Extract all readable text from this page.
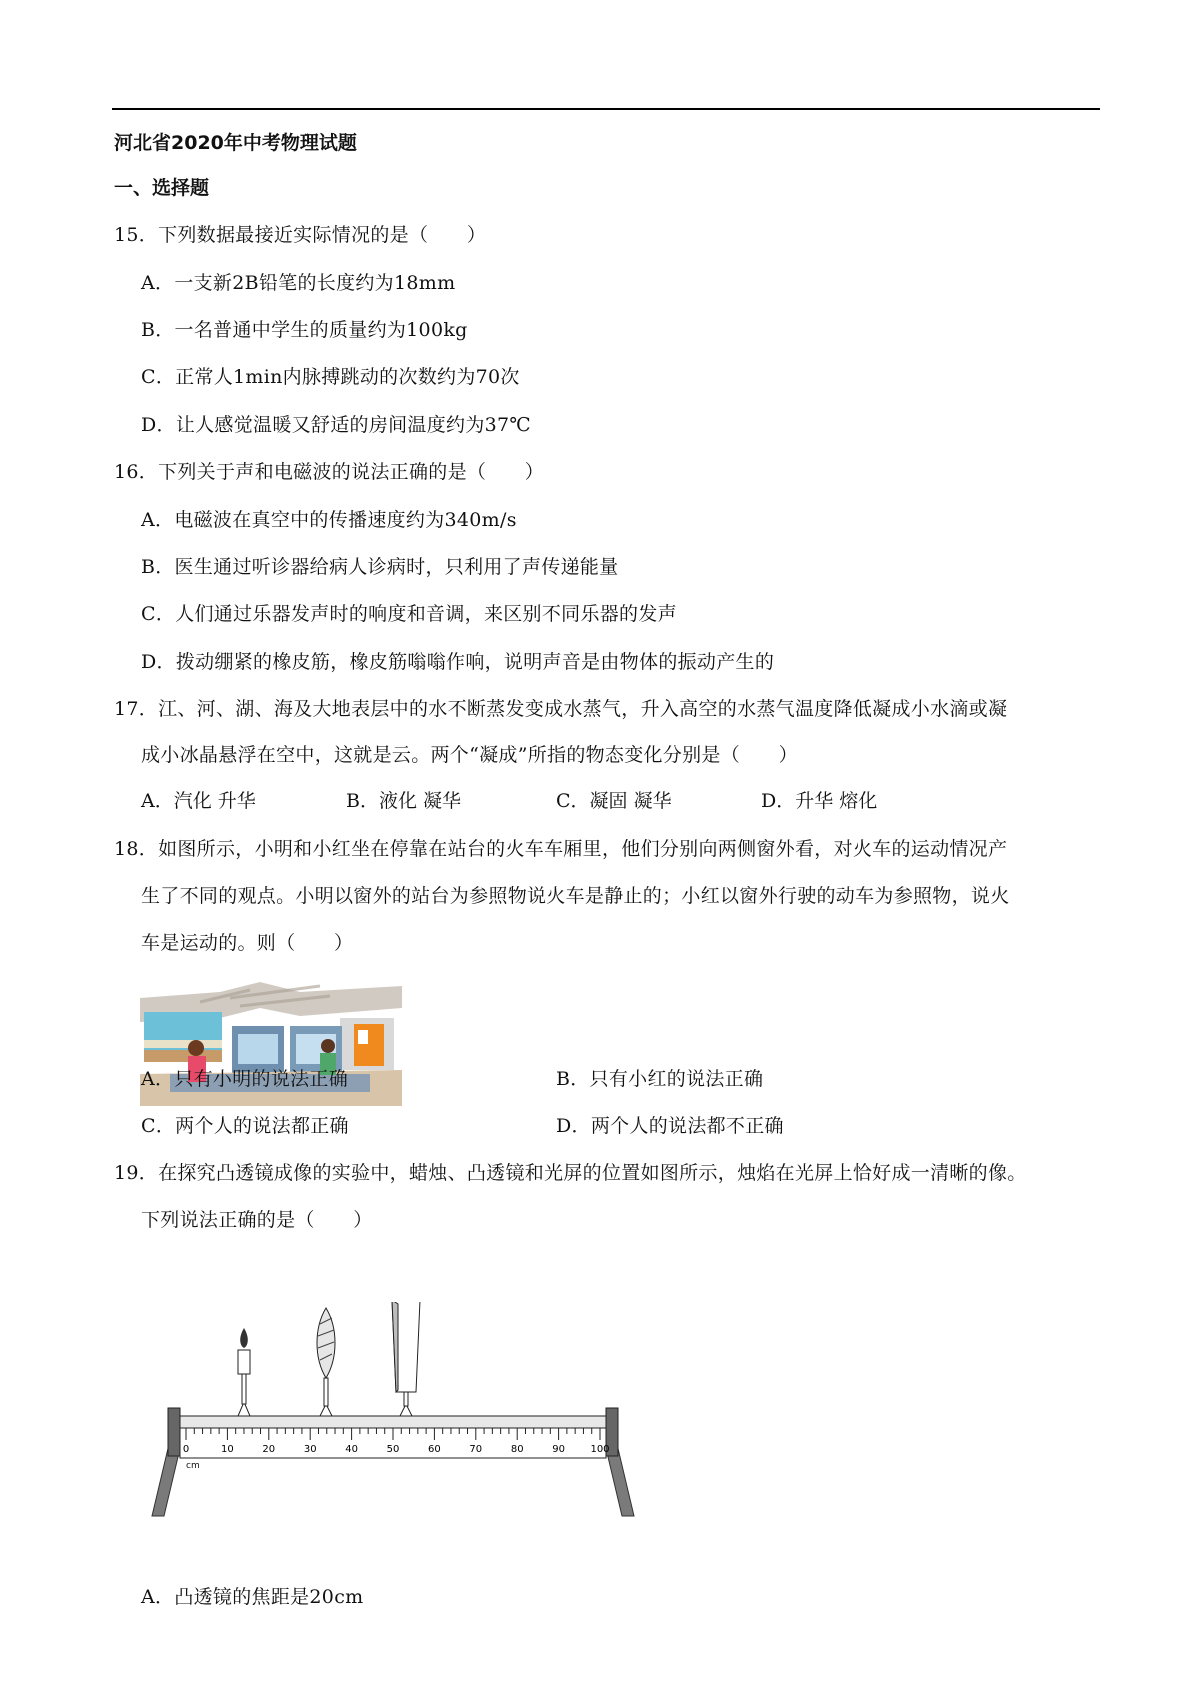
河北省2020年中考物理试题
一、选择题
15．下列数据最接近实际情况的是（　　）
A．一支新2B铅笔的长度约为18mm
B．一名普通中学生的质量约为100kg
C．正常人1min内脉搏跳动的次数约为70次
D．让人感觉温暖又舒适的房间温度约为37℃
16．下列关于声和电磁波的说法正确的是（　　）
A．电磁波在真空中的传播速度约为340m/s
B．医生通过听诊器给病人诊病时，只利用了声传递能量
C．人们通过乐器发声时的响度和音调，来区别不同乐器的发声
D．拨动绷紧的橡皮筋，橡皮筋嗡嗡作响，说明声音是由物体的振动产生的
17．江、河、湖、海及大地表层中的水不断蒸发变成水蒸气，升入高空的水蒸气温度降低凝成小水滴或凝
成小冰晶悬浮在空中，这就是云。两个“凝成”所指的物态变化分别是（　　）
A．汽化 升华	B．液化 凝华	C．凝固 凝华	D．升华 熔化
18．如图所示，小明和小红坐在停靠在站台的火车车厢里，他们分别向两侧窗外看，对火车的运动情况产
生了不同的观点。小明以窗外的站台为参照物说火车是静止的；小红以窗外行驶的动车为参照物，说火
车是运动的。则（　　）
A．只有小明的说法正确	B．只有小红的说法正确
C．两个人的说法都正确	D．两个人的说法都不正确
19．在探究凸透镜成像的实验中，蜡烛、凸透镜和光屏的位置如图所示，烛焰在光屏上恰好成一清晰的像。
下列说法正确的是（　　）
0	10	20	30	40	50	60	70	80	90	100
cm
A．凸透镜的焦距是20cm
